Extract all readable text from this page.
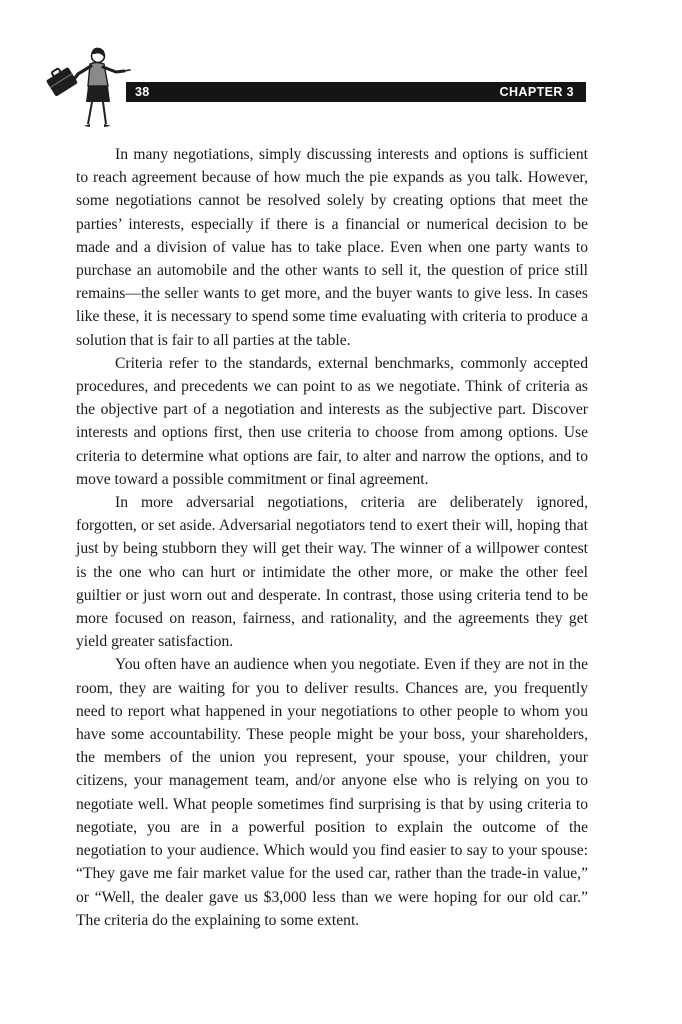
38	CHAPTER 3

In many negotiations, simply discussing interests and options is sufficient to reach agreement because of how much the pie expands as you talk. However, some negotiations cannot be resolved solely by creating options that meet the parties’ interests, especially if there is a financial or numerical decision to be made and a division of value has to take place. Even when one party wants to purchase an automobile and the other wants to sell it, the question of price still remains—the seller wants to get more, and the buyer wants to give less. In cases like these, it is necessary to spend some time evaluating with criteria to produce a solution that is fair to all parties at the table.

Criteria refer to the standards, external benchmarks, commonly accepted procedures, and precedents we can point to as we negotiate. Think of criteria as the objective part of a negotiation and interests as the subjective part. Discover interests and options first, then use criteria to choose from among options. Use criteria to determine what options are fair, to alter and narrow the options, and to move toward a possible commitment or final agreement.

In more adversarial negotiations, criteria are deliberately ignored, forgotten, or set aside. Adversarial negotiators tend to exert their will, hoping that just by being stubborn they will get their way. The winner of a willpower contest is the one who can hurt or intimidate the other more, or make the other feel guiltier or just worn out and desperate. In contrast, those using criteria tend to be more focused on reason, fairness, and rationality, and the agreements they get yield greater satisfaction.

You often have an audience when you negotiate. Even if they are not in the room, they are waiting for you to deliver results. Chances are, you frequently need to report what happened in your negotiations to other people to whom you have some accountability. These people might be your boss, your shareholders, the members of the union you represent, your spouse, your children, your citizens, your management team, and/or anyone else who is relying on you to negotiate well. What people sometimes find surprising is that by using criteria to negotiate, you are in a powerful position to explain the outcome of the negotiation to your audience. Which would you find easier to say to your spouse: “They gave me fair market value for the used car, rather than the trade-in value,” or “Well, the dealer gave us $3,000 less than we were hoping for our old car.” The criteria do the explaining to some extent.
